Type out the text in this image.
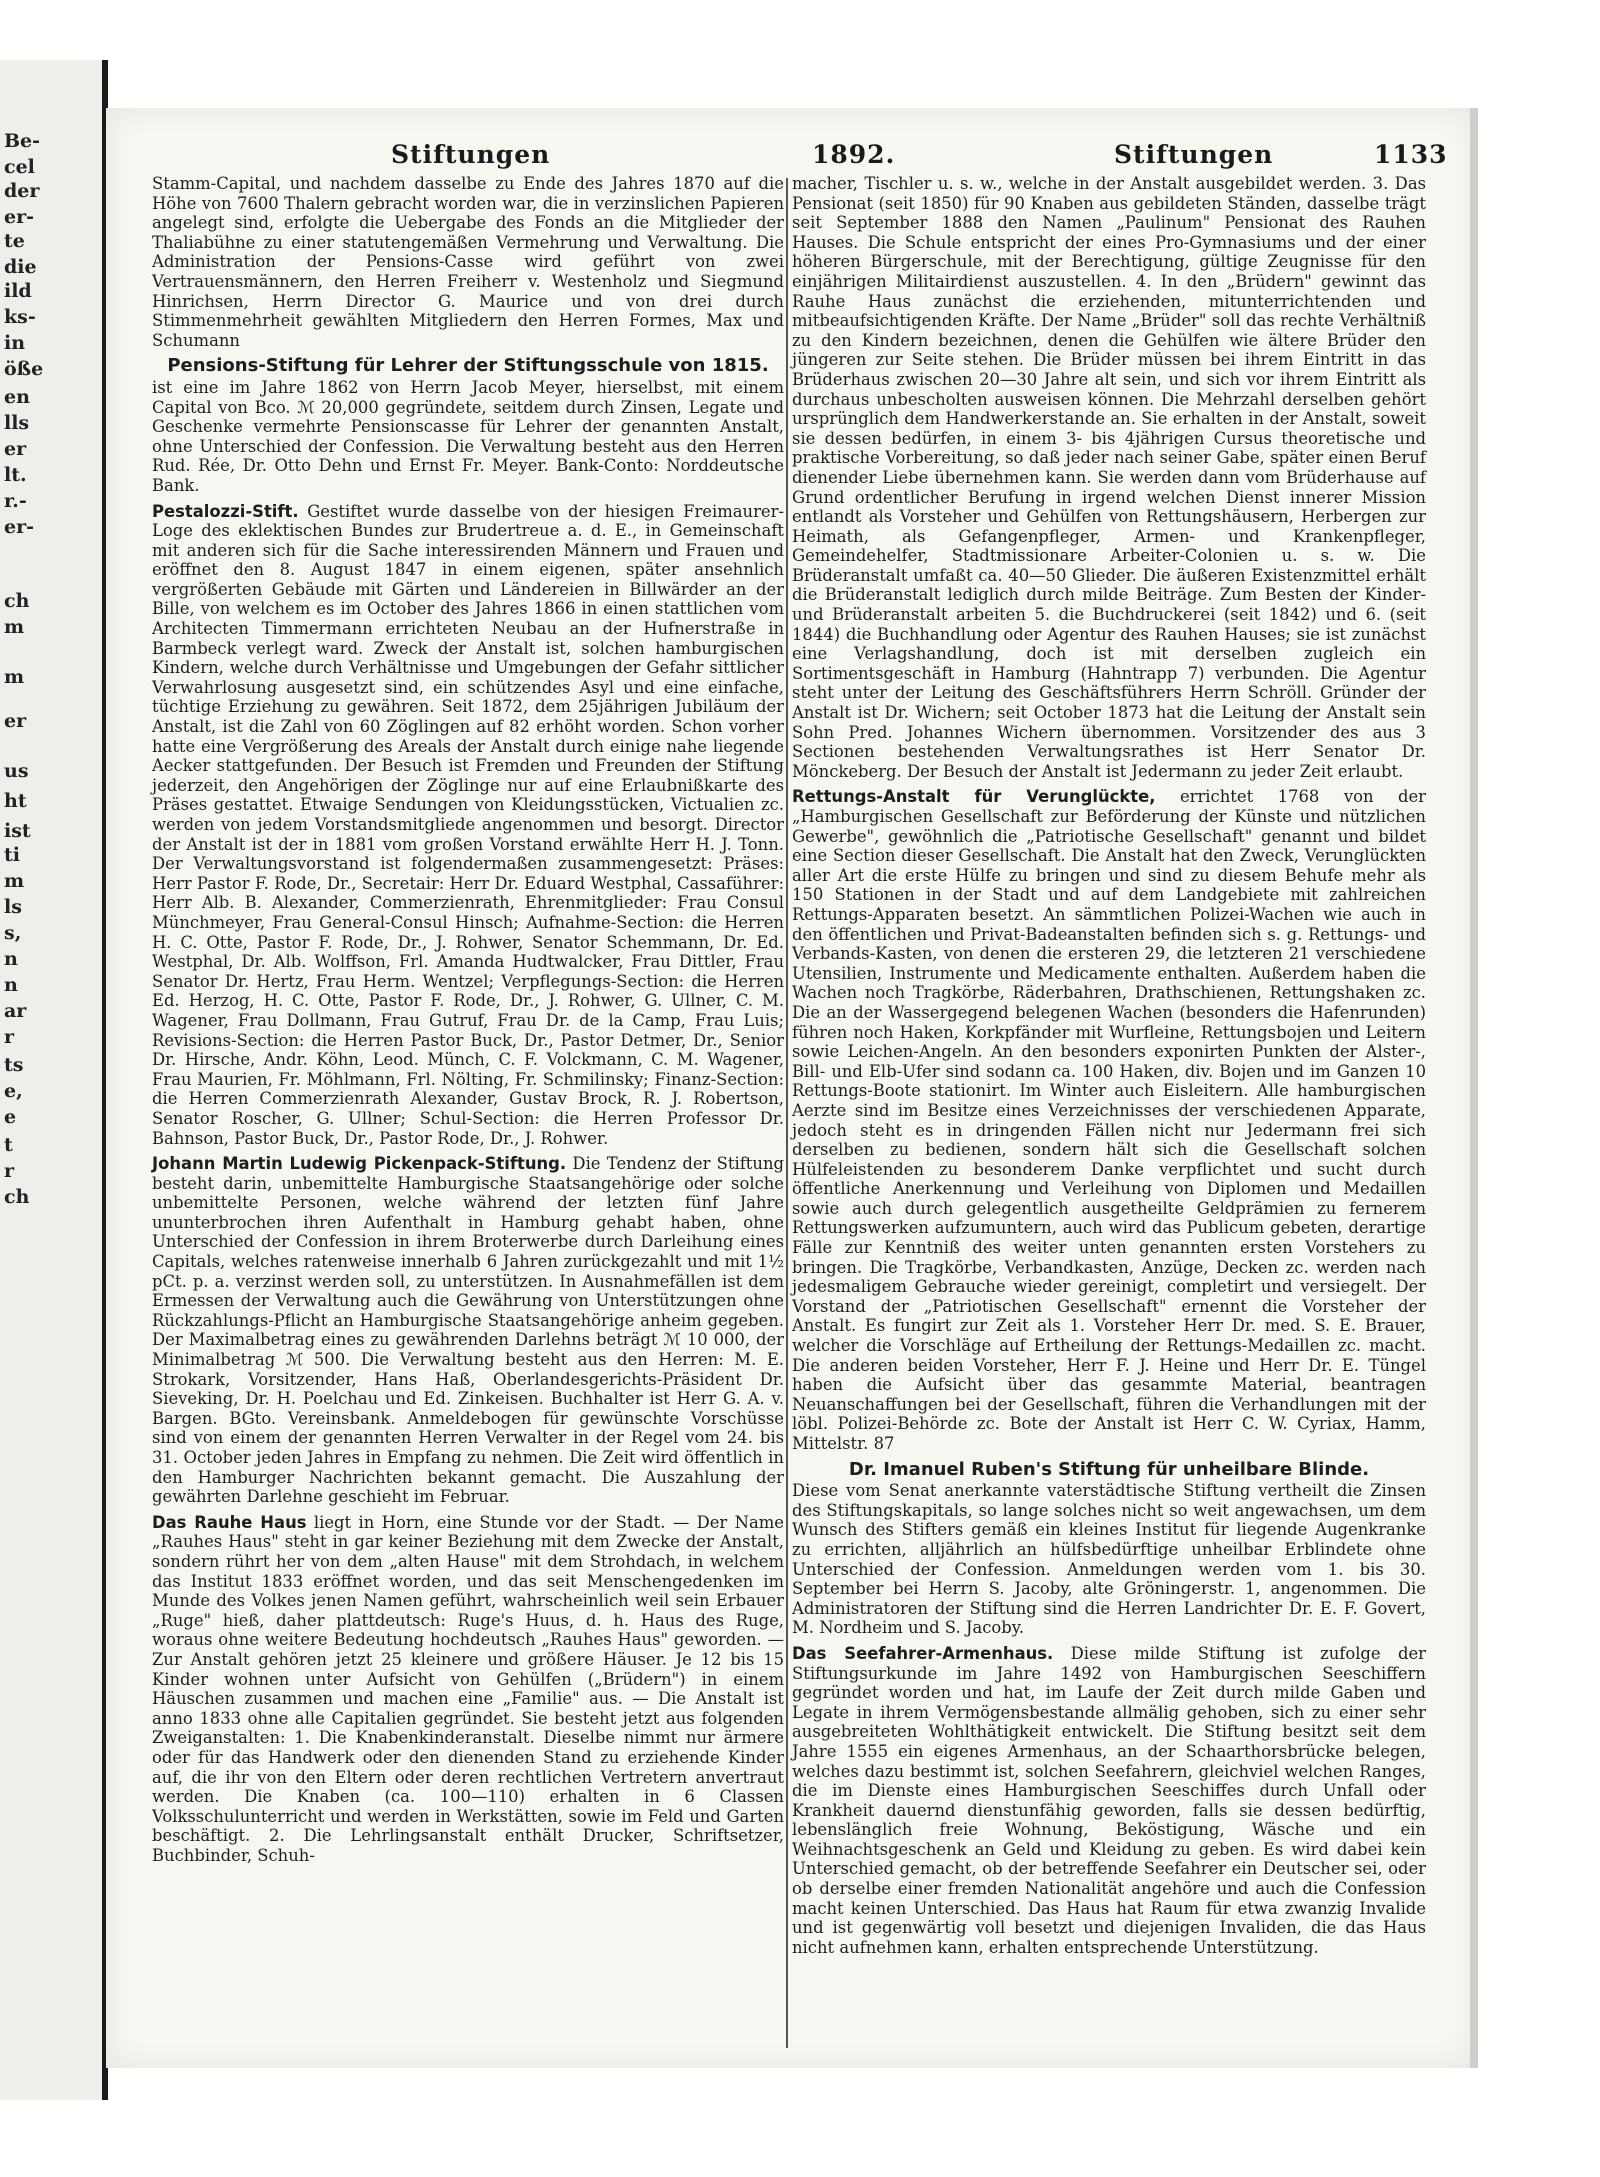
Be-
cel
der
er-
te
die
ild
ks-
in
öße
en
lls
er
lt.
r.-
er-
ch
m
m
er
us
ht
ist
ti
m
ls
s,
n
n
ar
r
ts
e,
e
t
r
ch
Stiftungen	1892.	Stiftungen	1133

Stamm-Capital, und nachdem dasselbe zu Ende des Jahres 1870 auf die Höhe von 7600 Thalern gebracht worden war, die in verzinslichen Papieren angelegt sind, erfolgte die Uebergabe des Fonds an die Mitglieder der Thaliabühne zu einer statutengemäßen Vermehrung und Verwaltung. Die Administration der Pensions-Casse wird geführt von zwei Vertrauensmännern, den Herren Freiherr v. Westenholz und Siegmund Hinrichsen, Herrn Director G. Maurice und von drei durch Stimmenmehrheit gewählten Mitgliedern den Herren Formes, Max und Schumann

Pensions-Stiftung für Lehrer der Stiftungsschule von 1815.

ist eine im Jahre 1862 von Herrn Jacob Meyer, hierselbst, mit einem Capital von Bco. ℳ 20,000 gegründete, seitdem durch Zinsen, Legate und Geschenke vermehrte Pensionscasse für Lehrer der genannten Anstalt, ohne Unterschied der Confession. Die Verwaltung besteht aus den Herren Rud. Rée, Dr. Otto Dehn und Ernst Fr. Meyer. Bank-Conto: Norddeutsche Bank.

Pestalozzi-Stift. Gestiftet wurde dasselbe von der hiesigen Freimaurer-Loge des eklektischen Bundes zur Brudertreue a. d. E., in Gemeinschaft mit anderen sich für die Sache interessirenden Männern und Frauen und eröffnet den 8. August 1847 in einem eigenen, später ansehnlich vergrößerten Gebäude mit Gärten und Ländereien in Billwärder an der Bille, von welchem es im October des Jahres 1866 in einen stattlichen vom Architecten Timmermann errichteten Neubau an der Hufnerstraße in Barmbeck verlegt ward. Zweck der Anstalt ist, solchen hamburgischen Kindern, welche durch Verhältnisse und Umgebungen der Gefahr sittlicher Verwahrlosung ausgesetzt sind, ein schützendes Asyl und eine einfache, tüchtige Erziehung zu gewähren. Seit 1872, dem 25jährigen Jubiläum der Anstalt, ist die Zahl von 60 Zöglingen auf 82 erhöht worden. Schon vorher hatte eine Vergrößerung des Areals der Anstalt durch einige nahe liegende Aecker stattgefunden. Der Besuch ist Fremden und Freunden der Stiftung jederzeit, den Angehörigen der Zöglinge nur auf eine Erlaubnißkarte des Präses gestattet. Etwaige Sendungen von Kleidungsstücken, Victualien zc. werden von jedem Vorstandsmitgliede angenommen und besorgt. Director der Anstalt ist der in 1881 vom großen Vorstand erwählte Herr H. J. Tonn. Der Verwaltungsvorstand ist folgendermaßen zusammengesetzt: Präses: Herr Pastor F. Rode, Dr., Secretair: Herr Dr. Eduard Westphal, Cassaführer: Herr Alb. B. Alexander, Commerzienrath, Ehrenmitglieder: Frau Consul Münchmeyer, Frau General-Consul Hinsch; Aufnahme-Section: die Herren H. C. Otte, Pastor F. Rode, Dr., J. Rohwer, Senator Schemmann, Dr. Ed. Westphal, Dr. Alb. Wolffson, Frl. Amanda Hudtwalcker, Frau Dittler, Frau Senator Dr. Hertz, Frau Herm. Wentzel; Verpflegungs-Section: die Herren Ed. Herzog, H. C. Otte, Pastor F. Rode, Dr., J. Rohwer, G. Ullner, C. M. Wagener, Frau Dollmann, Frau Gutruf, Frau Dr. de la Camp, Frau Luis; Revisions-Section: die Herren Pastor Buck, Dr., Pastor Detmer, Dr., Senior Dr. Hirsche, Andr. Köhn, Leod. Münch, C. F. Volckmann, C. M. Wagener, Frau Maurien, Fr. Möhlmann, Frl. Nölting, Fr. Schmilinsky; Finanz-Section: die Herren Commerzienrath Alexander, Gustav Brock, R. J. Robertson, Senator Roscher, G. Ullner; Schul-Section: die Herren Professor Dr. Bahnson, Pastor Buck, Dr., Pastor Rode, Dr., J. Rohwer.

Johann Martin Ludewig Pickenpack-Stiftung. Die Tendenz der Stiftung besteht darin, unbemittelte Hamburgische Staatsangehörige oder solche unbemittelte Personen, welche während der letzten fünf Jahre ununterbrochen ihren Aufenthalt in Hamburg gehabt haben, ohne Unterschied der Confession in ihrem Broterwerbe durch Darleihung eines Capitals, welches ratenweise innerhalb 6 Jahren zurückgezahlt und mit 1½ pCt. p. a. verzinst werden soll, zu unterstützen. In Ausnahmefällen ist dem Ermessen der Verwaltung auch die Gewährung von Unterstützungen ohne Rückzahlungs-Pflicht an Hamburgische Staatsangehörige anheim gegeben. Der Maximalbetrag eines zu gewährenden Darlehns beträgt ℳ 10 000, der Minimalbetrag ℳ 500. Die Verwaltung besteht aus den Herren: M. E. Strokark, Vorsitzender, Hans Haß, Oberlandesgerichts-Präsident Dr. Sieveking, Dr. H. Poelchau und Ed. Zinkeisen. Buchhalter ist Herr G. A. v. Bargen. BGto. Vereinsbank. Anmeldebogen für gewünschte Vorschüsse sind von einem der genannten Herren Verwalter in der Regel vom 24. bis 31. October jeden Jahres in Empfang zu nehmen. Die Zeit wird öffentlich in den Hamburger Nachrichten bekannt gemacht. Die Auszahlung der gewährten Darlehne geschieht im Februar.

Das Rauhe Haus liegt in Horn, eine Stunde vor der Stadt. — Der Name „Rauhes Haus" steht in gar keiner Beziehung mit dem Zwecke der Anstalt, sondern rührt her von dem „alten Hause" mit dem Strohdach, in welchem das Institut 1833 eröffnet worden, und das seit Menschengedenken im Munde des Volkes jenen Namen geführt, wahrscheinlich weil sein Erbauer „Ruge" hieß, daher plattdeutsch: Ruge's Huus, d. h. Haus des Ruge, woraus ohne weitere Bedeutung hochdeutsch „Rauhes Haus" geworden. — Zur Anstalt gehören jetzt 25 kleinere und größere Häuser. Je 12 bis 15 Kinder wohnen unter Aufsicht von Gehülfen („Brüdern") in einem Häuschen zusammen und machen eine „Familie" aus. — Die Anstalt ist anno 1833 ohne alle Capitalien gegründet. Sie besteht jetzt aus folgenden Zweiganstalten: 1. Die Knabenkinderanstalt. Dieselbe nimmt nur ärmere oder für das Handwerk oder den dienenden Stand zu erziehende Kinder auf, die ihr von den Eltern oder deren rechtlichen Vertretern anvertraut werden. Die Knaben (ca. 100—110) erhalten in 6 Classen Volksschulunterricht und werden in Werkstätten, sowie im Feld und Garten beschäftigt. 2. Die Lehrlingsanstalt enthält Drucker, Schriftsetzer, Buchbinder, Schuh-

macher, Tischler u. s. w., welche in der Anstalt ausgebildet werden. 3. Das Pensionat (seit 1850) für 90 Knaben aus gebildeten Ständen, dasselbe trägt seit September 1888 den Namen „Paulinum" Pensionat des Rauhen Hauses. Die Schule entspricht der eines Pro-Gymnasiums und der einer höheren Bürgerschule, mit der Berechtigung, gültige Zeugnisse für den einjährigen Militairdienst auszustellen. 4. In den „Brüdern" gewinnt das Rauhe Haus zunächst die erziehenden, mitunterrichtenden und mitbeaufsichtigenden Kräfte. Der Name „Brüder" soll das rechte Verhältniß zu den Kindern bezeichnen, denen die Gehülfen wie ältere Brüder den jüngeren zur Seite stehen. Die Brüder müssen bei ihrem Eintritt in das Brüderhaus zwischen 20—30 Jahre alt sein, und sich vor ihrem Eintritt als durchaus unbescholten ausweisen können. Die Mehrzahl derselben gehört ursprünglich dem Handwerkerstande an. Sie erhalten in der Anstalt, soweit sie dessen bedürfen, in einem 3- bis 4jährigen Cursus theoretische und praktische Vorbereitung, so daß jeder nach seiner Gabe, später einen Beruf dienender Liebe übernehmen kann. Sie werden dann vom Brüderhause auf Grund ordentlicher Berufung in irgend welchen Dienst innerer Mission entlandt als Vorsteher und Gehülfen von Rettungshäusern, Herbergen zur Heimath, als Gefangenpfleger, Armen- und Krankenpfleger, Gemeindehelfer, Stadtmissionare Arbeiter-Colonien u. s. w. Die Brüderanstalt umfaßt ca. 40—50 Glieder. Die äußeren Existenzmittel erhält die Brüderanstalt lediglich durch milde Beiträge. Zum Besten der Kinder- und Brüderanstalt arbeiten 5. die Buchdruckerei (seit 1842) und 6. (seit 1844) die Buchhandlung oder Agentur des Rauhen Hauses; sie ist zunächst eine Verlagshandlung, doch ist mit derselben zugleich ein Sortimentsgeschäft in Hamburg (Hahntrapp 7) verbunden. Die Agentur steht unter der Leitung des Geschäftsführers Herrn Schröll. Gründer der Anstalt ist Dr. Wichern; seit October 1873 hat die Leitung der Anstalt sein Sohn Pred. Johannes Wichern übernommen. Vorsitzender des aus 3 Sectionen bestehenden Verwaltungsrathes ist Herr Senator Dr. Mönckeberg. Der Besuch der Anstalt ist Jedermann zu jeder Zeit erlaubt.

Rettungs-Anstalt für Verunglückte, errichtet 1768 von der „Hamburgischen Gesellschaft zur Beförderung der Künste und nützlichen Gewerbe", gewöhnlich die „Patriotische Gesellschaft" genannt und bildet eine Section dieser Gesellschaft. Die Anstalt hat den Zweck, Verunglückten aller Art die erste Hülfe zu bringen und sind zu diesem Behufe mehr als 150 Stationen in der Stadt und auf dem Landgebiete mit zahlreichen Rettungs-Apparaten besetzt. An sämmtlichen Polizei-Wachen wie auch in den öffentlichen und Privat-Badeanstalten befinden sich s. g. Rettungs- und Verbands-Kasten, von denen die ersteren 29, die letzteren 21 verschiedene Utensilien, Instrumente und Medicamente enthalten. Außerdem haben die Wachen noch Tragkörbe, Räderbahren, Drathschienen, Rettungshaken zc. Die an der Wassergegend belegenen Wachen (besonders die Hafenrunden) führen noch Haken, Korkpfänder mit Wurfleine, Rettungsbojen und Leitern sowie Leichen-Angeln. An den besonders exponirten Punkten der Alster-, Bill- und Elb-Ufer sind sodann ca. 100 Haken, div. Bojen und im Ganzen 10 Rettungs-Boote stationirt. Im Winter auch Eisleitern. Alle hamburgischen Aerzte sind im Besitze eines Verzeichnisses der verschiedenen Apparate, jedoch steht es in dringenden Fällen nicht nur Jedermann frei sich derselben zu bedienen, sondern hält sich die Gesellschaft solchen Hülfeleistenden zu besonderem Danke verpflichtet und sucht durch öffentliche Anerkennung und Verleihung von Diplomen und Medaillen sowie auch durch gelegentlich ausgetheilte Geldprämien zu fernerem Rettungswerken aufzumuntern, auch wird das Publicum gebeten, derartige Fälle zur Kenntniß des weiter unten genannten ersten Vorstehers zu bringen. Die Tragkörbe, Verbandkasten, Anzüge, Decken zc. werden nach jedesmaligem Gebrauche wieder gereinigt, completirt und versiegelt. Der Vorstand der „Patriotischen Gesellschaft" ernennt die Vorsteher der Anstalt. Es fungirt zur Zeit als 1. Vorsteher Herr Dr. med. S. E. Brauer, welcher die Vorschläge auf Ertheilung der Rettungs-Medaillen zc. macht. Die anderen beiden Vorsteher, Herr F. J. Heine und Herr Dr. E. Tüngel haben die Aufsicht über das gesammte Material, beantragen Neuanschaffungen bei der Gesellschaft, führen die Verhandlungen mit der löbl. Polizei-Behörde zc. Bote der Anstalt ist Herr C. W. Cyriax, Hamm, Mittelstr. 87

Dr. Imanuel Ruben's Stiftung für unheilbare Blinde.

Diese vom Senat anerkannte vaterstädtische Stiftung vertheilt die Zinsen des Stiftungskapitals, so lange solches nicht so weit angewachsen, um dem Wunsch des Stifters gemäß ein kleines Institut für liegende Augenkranke zu errichten, alljährlich an hülfsbedürftige unheilbar Erblindete ohne Unterschied der Confession. Anmeldungen werden vom 1. bis 30. September bei Herrn S. Jacoby, alte Gröningerstr. 1, angenommen. Die Administratoren der Stiftung sind die Herren Landrichter Dr. E. F. Govert, M. Nordheim und S. Jacoby.

Das Seefahrer-Armenhaus. Diese milde Stiftung ist zufolge der Stiftungsurkunde im Jahre 1492 von Hamburgischen Seeschiffern gegründet worden und hat, im Laufe der Zeit durch milde Gaben und Legate in ihrem Vermögensbestande allmälig gehoben, sich zu einer sehr ausgebreiteten Wohlthätigkeit entwickelt. Die Stiftung besitzt seit dem Jahre 1555 ein eigenes Armenhaus, an der Schaarthorsbrücke belegen, welches dazu bestimmt ist, solchen Seefahrern, gleichviel welchen Ranges, die im Dienste eines Hamburgischen Seeschiffes durch Unfall oder Krankheit dauernd dienstunfähig geworden, falls sie dessen bedürftig, lebenslänglich freie Wohnung, Beköstigung, Wäsche und ein Weihnachtsgeschenk an Geld und Kleidung zu geben. Es wird dabei kein Unterschied gemacht, ob der betreffende Seefahrer ein Deutscher sei, oder ob derselbe einer fremden Nationalität angehöre und auch die Confession macht keinen Unterschied. Das Haus hat Raum für etwa zwanzig Invalide und ist gegenwärtig voll besetzt und diejenigen Invaliden, die das Haus nicht aufnehmen kann, erhalten entsprechende Unterstützung.
